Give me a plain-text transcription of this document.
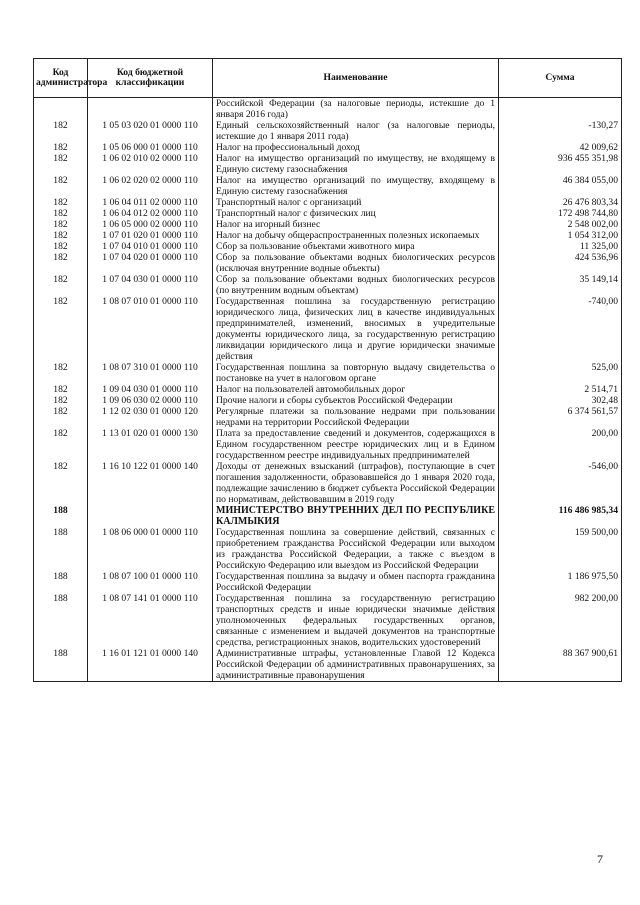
Код администратора	Код бюджетной классификации	Наименование	Сумма
		Российской Федерации (за налоговые периоды, истекшие до 1 января 2016 года)	
182	1 05 03 020 01 0000 110	Единый сельскохозяйственный налог (за налоговые периоды, истекшие до 1 января 2011 года)	-130,27
182	1 05 06 000 01 0000 110	Налог на профессиональный доход	42 009,62
182	1 06 02 010 02 0000 110	Налог на имущество организаций по имуществу, не входящему в Единую систему газоснабжения	936 455 351,98
182	1 06 02 020 02 0000 110	Налог на имущество организаций по имуществу, входящему в Единую систему газоснабжения	46 384 055,00
182	1 06 04 011 02 0000 110	Транспортный налог с организаций	26 476 803,34
182	1 06 04 012 02 0000 110	Транспортный налог с физических лиц	172 498 744,80
182	1 06 05 000 02 0000 110	Налог на игорный бизнес	2 548 002,00
182	1 07 01 020 01 0000 110	Налог на добычу общераспространенных полезных ископаемых	1 054 312,00
182	1 07 04 010 01 0000 110	Сбор за пользование объектами животного мира	11 325,00
182	1 07 04 020 01 0000 110	Сбор за пользование объектами водных биологических ресурсов (исключая внутренние водные объекты)	424 536,96
182	1 07 04 030 01 0000 110	Сбор за пользование объектами водных биологических ресурсов (по внутренним водным объектам)	35 149,14
182	1 08 07 010 01 0000 110	Государственная пошлина за государственную регистрацию юридического лица, физических лиц в качестве индивидуальных предпринимателей, изменений, вносимых в учредительные документы юридического лица, за государственную регистрацию ликвидации юридического лица и другие юридически значимые действия	-740,00
182	1 08 07 310 01 0000 110	Государственная пошлина за повторную выдачу свидетельства о постановке на учет в налоговом органе	525,00
182	1 09 04 030 01 0000 110	Налог на пользователей автомобильных дорог	2 514,71
182	1 09 06 030 02 0000 110	Прочие налоги и сборы субъектов Российской Федерации	302,48
182	1 12 02 030 01 0000 120	Регулярные платежи за пользование недрами при пользовании недрами на территории Российской Федерации	6 374 561,57
182	1 13 01 020 01 0000 130	Плата за предоставление сведений и документов, содержащихся в Едином государственном реестре юридических лиц и в Едином государственном реестре индивидуальных предпринимателей	200,00
182	1 16 10 122 01 0000 140	Доходы от денежных взысканий (штрафов), поступающие в счет погашения задолженности, образовавшейся до 1 января 2020 года, подлежащие зачислению в бюджет субъекта Российской Федерации по нормативам, действовавшим в 2019 году	-546,00
188		МИНИСТЕРСТВО ВНУТРЕННИХ ДЕЛ ПО РЕСПУБЛИКЕ КАЛМЫКИЯ	116 486 985,34
188	1 08 06 000 01 0000 110	Государственная пошлина за совершение действий, связанных с приобретением гражданства Российской Федерации или выходом из гражданства Российской Федерации, а также с въездом в Российскую Федерацию или выездом из Российской Федерации	159 500,00
188	1 08 07 100 01 0000 110	Государственная пошлина за выдачу и обмен паспорта гражданина Российской Федерации	1 186 975,50
188	1 08 07 141 01 0000 110	Государственная пошлина за государственную регистрацию транспортных средств и иные юридически значимые действия уполномоченных федеральных государственных органов, связанные с изменением и выдачей документов на транспортные средства, регистрационных знаков, водительских удостоверений	982 200,00
188	1 16 01 121 01 0000 140	Административные штрафы, установленные Главой 12 Кодекса Российской Федерации об административных правонарушениях, за административные правонарушения	88 367 900,61
7
